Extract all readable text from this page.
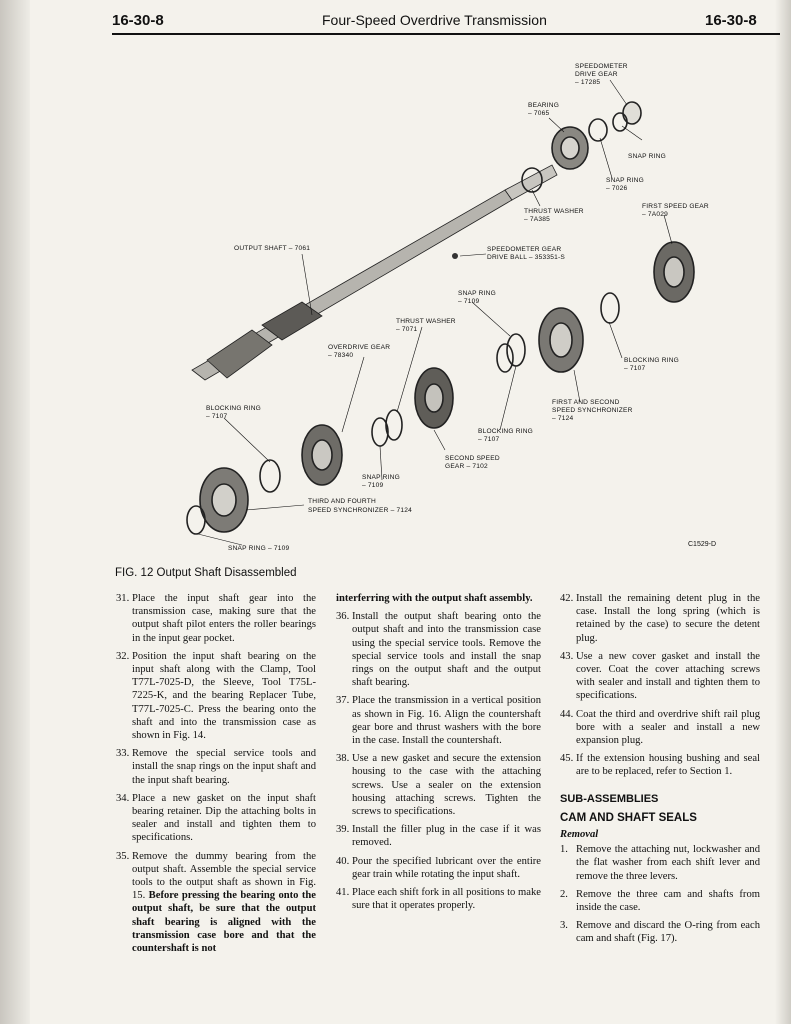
16-30-8	Four-Speed Overdrive Transmission	16-30-8
SPEEDOMETER
DRIVE GEAR
– 17285
BEARING
– 7065
SNAP RING
SNAP RING
– 7026
THRUST WASHER
– 7A385
FIRST SPEED GEAR
– 7A029
OUTPUT SHAFT – 7061	SPEEDOMETER GEAR
DRIVE BALL – 353351-S
SNAP RING
– 7109
THRUST WASHER
– 7071
OVERDRIVE GEAR
– 78340
BLOCKING RING
– 7107
FIRST AND SECOND
SPEED SYNCHRONIZER
– 7124
BLOCKING RING
– 7107
BLOCKING RING
– 7107
SECOND SPEED
GEAR – 7102
SNAP RING
– 7109
THIRD AND FOURTH
SPEED SYNCHRONIZER – 7124
SNAP RING – 7109
C1529-D
FIG. 12 Output Shaft Disassembled
31. Place the input shaft gear into the transmission case, making sure that the output shaft pilot enters the roller bearings in the input gear pocket.
32. Position the input shaft bearing on the input shaft along with the Clamp, Tool T77L-7025-D, the Sleeve, Tool T75L-7225-K, and the bearing Replacer Tube, T77L-7025-C. Press the bearing onto the shaft and into the transmission case as shown in Fig. 14.
33. Remove the special service tools and install the snap rings on the input shaft and the input shaft bearing.
34. Place a new gasket on the input shaft bearing retainer. Dip the attaching bolts in sealer and install and tighten them to specifications.
35. Remove the dummy bearing from the output shaft. Assemble the special service tools to the output shaft as shown in Fig. 15. Before pressing the bearing onto the output shaft, be sure that the output shaft bearing is aligned with the transmission case bore and that the countershaft is not
interferring with the output shaft assembly.
36. Install the output shaft bearing onto the output shaft and into the transmission case using the special service tools. Remove the special service tools and install the snap rings on the output shaft and the output shaft bearing.
37. Place the transmission in a vertical position as shown in Fig. 16. Align the countershaft gear bore and thrust washers with the bore in the case. Install the countershaft.
38. Use a new gasket and secure the extension housing to the case with the attaching screws. Use a sealer on the extension housing attaching screws. Tighten the screws to specifications.
39. Install the filler plug in the case if it was removed.
40. Pour the specified lubricant over the entire gear train while rotating the input shaft.
41. Place each shift fork in all positions to make sure that it operates properly.
42. Install the remaining detent plug in the case. Install the long spring (which is retained by the case) to secure the detent plug.
43. Use a new cover gasket and install the cover. Coat the cover attaching screws with sealer and install and tighten them to specifications.
44. Coat the third and overdrive shift rail plug bore with a sealer and install a new expansion plug.
45. If the extension housing bushing and seal are to be replaced, refer to Section 1.
SUB-ASSEMBLIES
CAM AND SHAFT SEALS
Removal
1. Remove the attaching nut, lockwasher and the flat washer from each shift lever and remove the three levers.
2. Remove the three cam and shafts from inside the case.
3. Remove and discard the O-ring from each cam and shaft (Fig. 17).
